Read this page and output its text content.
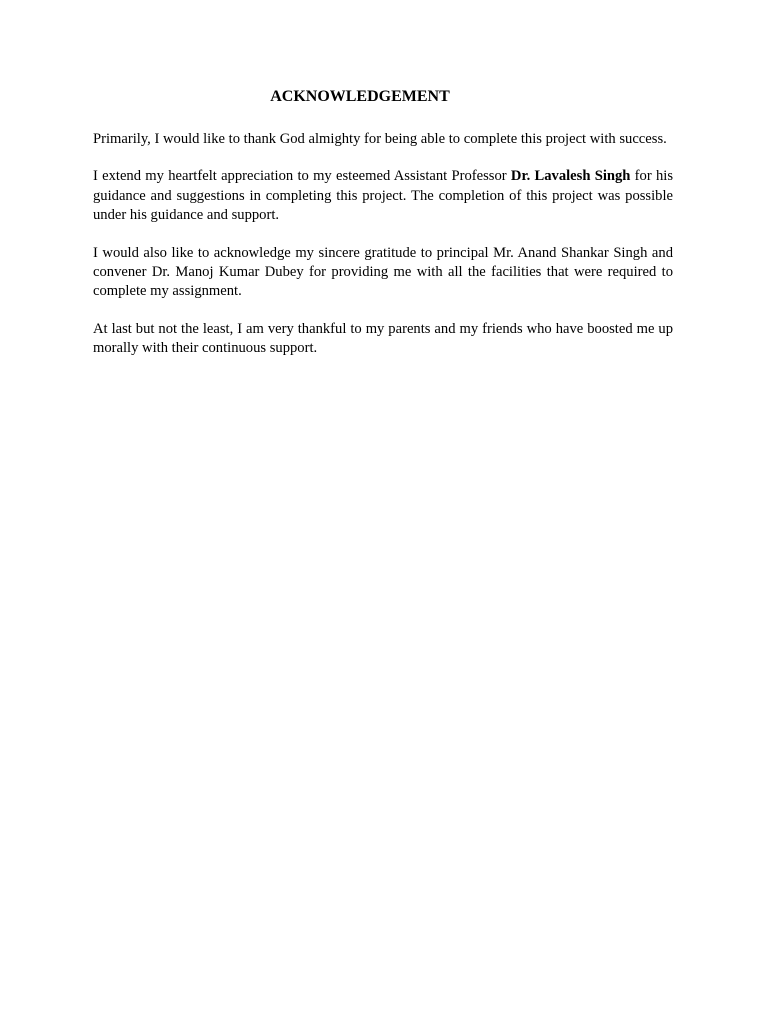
ACKNOWLEDGEMENT

Primarily, I would like to thank God almighty for being able to complete this project with success.

I extend my heartfelt appreciation to my esteemed Assistant Professor Dr. Lavalesh Singh for his guidance and suggestions in completing this project. The completion of this project was possible under his guidance and support.

I would also like to acknowledge my sincere gratitude to principal Mr. Anand Shankar Singh and convener Dr. Manoj Kumar Dubey for providing me with all the facilities that were required to complete my assignment.

At last but not the least, I am very thankful to my parents and my friends who have boosted me up morally with their continuous support.
